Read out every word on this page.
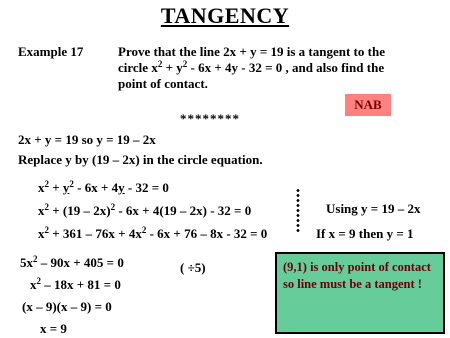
TANGENCY
Example 17	Prove that the line 2x + y = 19 is a tangent to the
circle $x^2 + y^2 - 6x + 4y - 32 = 0$ , and also find the
point of contact.
********
NAB
2x + y = 19 so y = 19 – 2x
Replace y by (19 – 2x) in the circle equation.
$x^2 + y^2 - 6x + 4y - 32 = 0$
$x^2 + (19 - 2x)^2 - 6x + 4(19 - 2x) - 32 = 0$
$x^2 + 361 - 76x + 4x^2 - 6x + 76 - 8x - 32 = 0$
Using y = 19 – 2x
If x = 9 then y = 1
$5x^2 - 90x + 405 = 0$	( ÷5)
$x^2 - 18x + 81 = 0$
(x – 9)(x – 9) = 0
x = 9
(9,1) is only point of contact so line must be a tangent !
